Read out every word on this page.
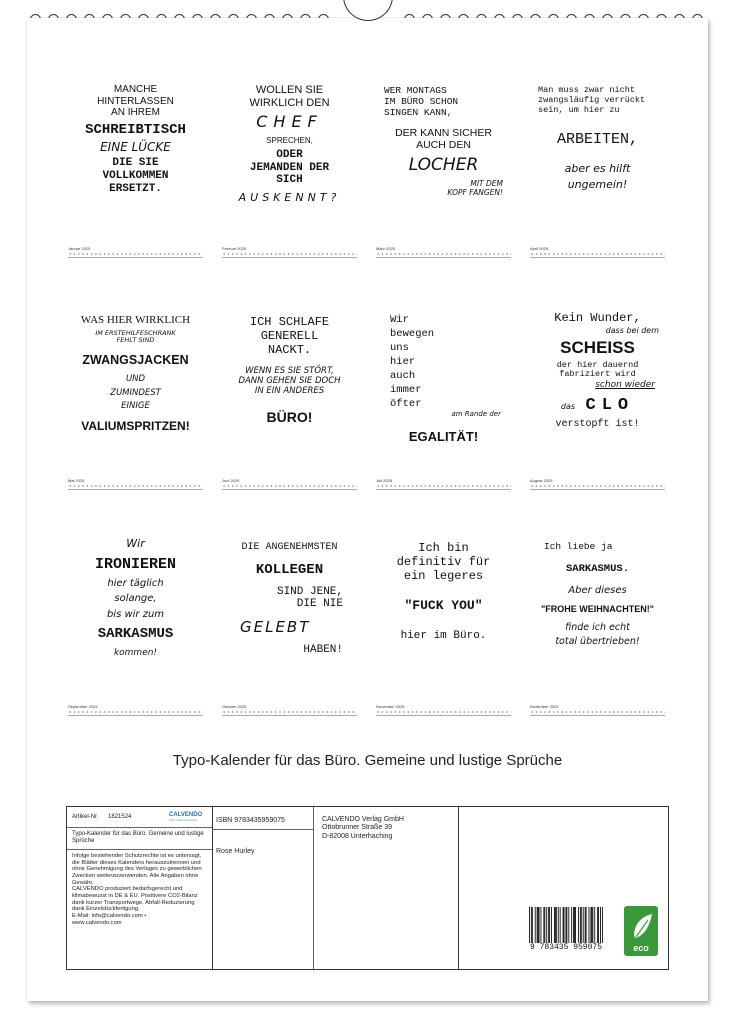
MANCHE
HINTERLASSEN
AN IHREM
SCHREIBTISCH
EINE LÜCKE
DIE SIE
VOLLKOMMEN
ERSETZT.
Januar 2025
WOLLEN SIE
WIRKLICH DEN
CHEF
SPRECHEN,
ODER
JEMANDEN DER
SICH
AUSKENNT?
Februar 2025
WER MONTAGS
IM BÜRO SCHON
SINGEN KANN,
DER KANN SICHER
AUCH DEN
LOCHER
MIT DEM
KOPF FANGEN!
März 2025
Man muss zwar nicht
zwangsläufig verrückt
sein, um hier zu
ARBEITEN,
aber es hilft
ungemein!
April 2025
WAS HIER WIRKLICH
IM ERSTEHILFESCHRANK
FEHLT SIND
ZWANGSJACKEN
UND
ZUMINDEST
EINIGE
VALIUMSPRITZEN!
Mai 2025
ICH SCHLAFE
GENERELL
NACKT.
WENN ES SIE STÖRT,
DANN GEHEN SIE DOCH
IN EIN ANDERES
BÜRO!
Juni 2025
Wir
bewegen
uns
hier
auch
immer
öfter
am Rande der
EGALITÄT!
Juli 2025
Kein Wunder,
dass bei dem
SCHEISS
der hier dauernd
fabriziert wird
schon wieder
das CLO
verstopft ist!
August 2025
Wir
IRONIEREN
hier täglich
solange,
bis wir zum
SARKASMUS
kommen!
September 2025
DIE ANGENEHMSTEN
KOLLEGEN
SIND JENE,
DIE NIE
GELEBT
HABEN!
Oktober 2025
Ich bin
definitiv für
ein legeres
"FUCK YOU"
hier im Büro.
November 2025
Ich liebe ja
SARKASMUS.
Aber dieses
"FROHE WEIHNACHTEN!"
finde ich echt
total übertrieben!
Dezember 2025
Typo-Kalender für das Büro. Gemeine und lustige Sprüche
Artikel-Nr. 1821524	CALVENDO
Mein Kalenderverlag
Typo-Kalender für das Büro. Gemeine und lustige Sprüche
Infolge bestehender Schutzrechte ist es untersagt, die Blätter dieses Kalenders herauszutrennen und ohne Genehmigung des Verlages zu gewerblichen Zwecken weiterzuverwenden. Alle Angaben ohne Gewähr.
CALVENDO produziert bedarfsgerecht und klimabewusst in DE & EU. Positivere CO2-Bilanz dank kurzer Transportwege. Abfall-Reduzierung dank Einzelstückfertigung.
E-Mail: info@calvendo.com •
www.calvendo.com
ISBN 9783435959075	CALVENDO Verlag GmbH
Ottobrunner Straße 39
D-82008 Unterhaching
Rose Hurley
9 783435 959075	eco
